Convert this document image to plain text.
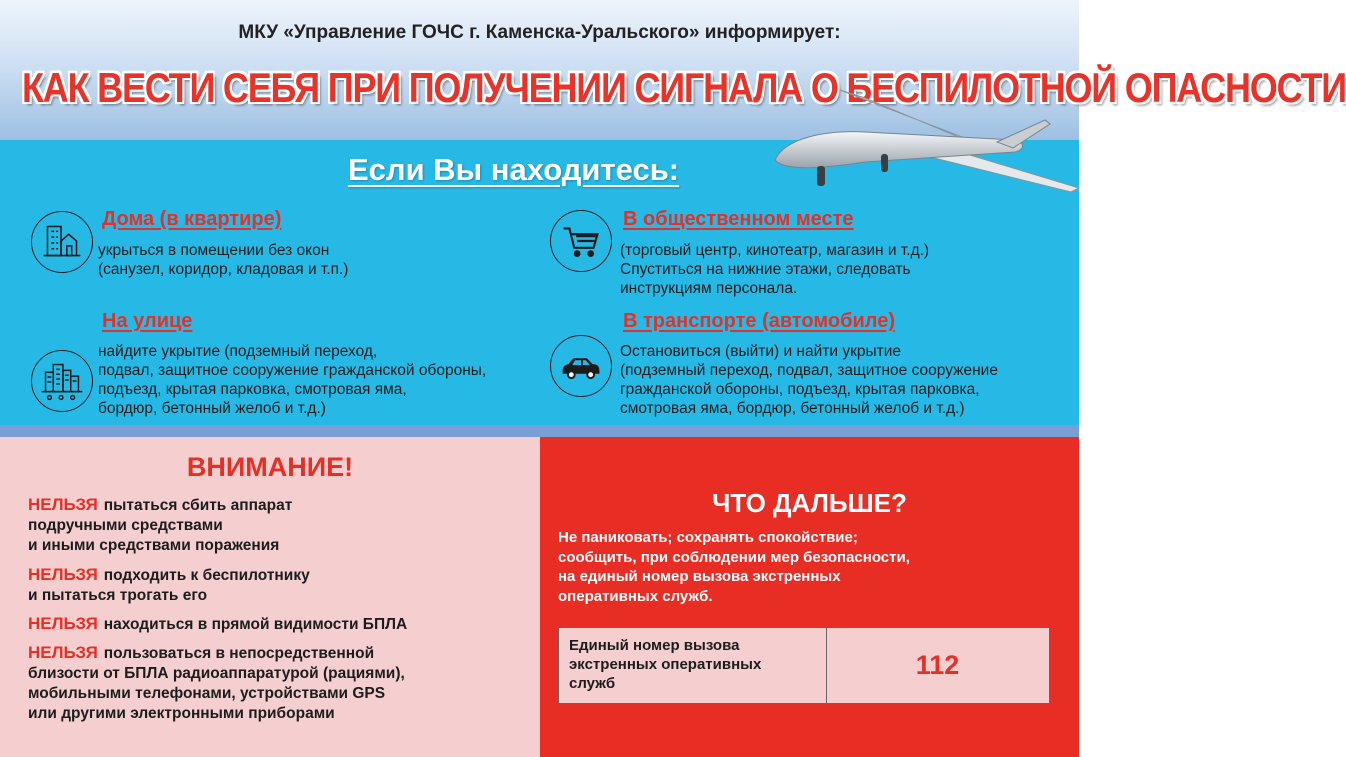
МКУ «Управление ГОЧС г. Каменска-Уральского» информирует:
КАК ВЕСТИ СЕБЯ ПРИ ПОЛУЧЕНИИ СИГНАЛА О БЕСПИЛОТНОЙ ОПАСНОСТИ
Если Вы находитесь:
Дома (в квартире)
укрыться в помещении без окон
(санузел, коридор, кладовая и т.п.)
В общественном месте
(торговый центр, кинотеатр, магазин и т.д.)
Спуститься на нижние этажи, следовать
инструкциям персонала.
На улице
найдите укрытие (подземный переход,
подвал, защитное сооружение гражданской обороны,
подъезд, крытая парковка, смотровая яма,
бордюр, бетонный желоб и т.д.)
В транспорте (автомобиле)
Остановиться (выйти) и найти укрытие
(подземный переход, подвал, защитное сооружение
гражданской обороны, подъезд, крытая парковка,
смотровая яма, бордюр, бетонный желоб и т.д.)
ВНИМАНИЕ!
НЕЛЬЗЯ пытаться сбить аппарат
подручными средствами
и иными средствами поражения
НЕЛЬЗЯ подходить к беспилотнику
и пытаться трогать его
НЕЛЬЗЯ находиться в прямой видимости БПЛА
НЕЛЬЗЯ пользоваться в непосредственной
близости от БПЛА радиоаппаратурой (рациями),
мобильными телефонами, устройствами GPS
или другими электронными приборами
ЧТО ДАЛЬШЕ?
Не паниковать; сохранять спокойствие;
сообщить, при соблюдении мер безопасности,
на единый номер вызова экстренных
оперативных служб.
Единый номер вызова
экстренных оперативных
служб
112
